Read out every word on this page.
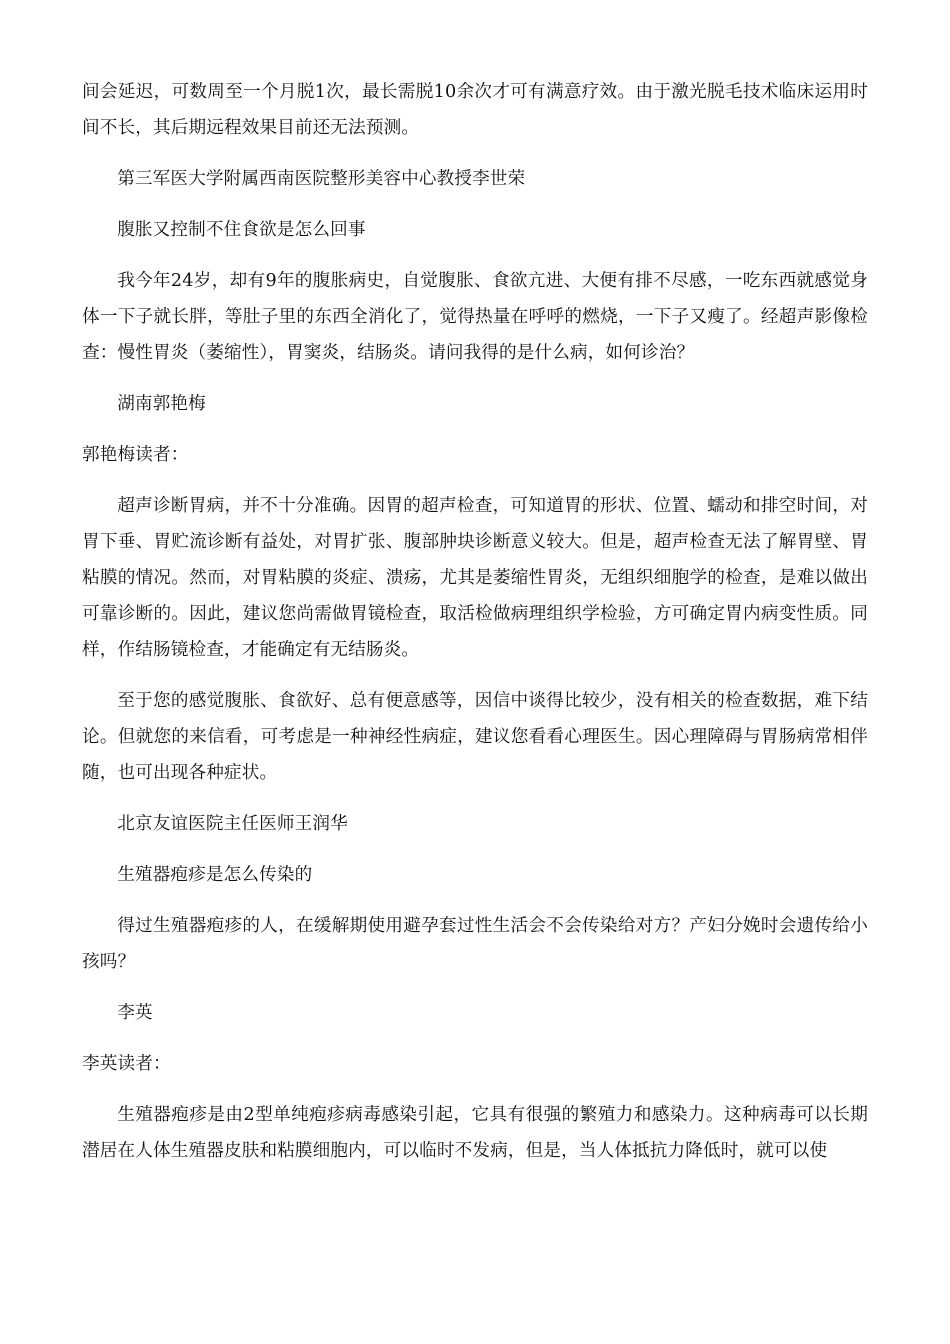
间会延迟，可数周至一个月脱1次，最长需脱10余次才可有满意疗效。由于激光脱毛技术临床运用时间不长，其后期远程效果目前还无法预测。

第三军医大学附属西南医院整形美容中心教授李世荣

腹胀又控制不住食欲是怎么回事

我今年24岁，却有9年的腹胀病史，自觉腹胀、食欲亢进、大便有排不尽感，一吃东西就感觉身体一下子就长胖，等肚子里的东西全消化了，觉得热量在呼呼的燃烧，一下子又瘦了。经超声影像检查：慢性胃炎（萎缩性），胃窦炎，结肠炎。请问我得的是什么病，如何诊治？

湖南郭艳梅

郭艳梅读者：

超声诊断胃病，并不十分准确。因胃的超声检查，可知道胃的形状、位置、蠕动和排空时间，对胃下垂、胃贮流诊断有益处，对胃扩张、腹部肿块诊断意义较大。但是，超声检查无法了解胃壁、胃粘膜的情况。然而，对胃粘膜的炎症、溃疡，尤其是萎缩性胃炎，无组织细胞学的检查，是难以做出可靠诊断的。因此，建议您尚需做胃镜检查，取活检做病理组织学检验，方可确定胃内病变性质。同样，作结肠镜检查，才能确定有无结肠炎。

至于您的感觉腹胀、食欲好、总有便意感等，因信中谈得比较少，没有相关的检查数据，难下结论。但就您的来信看，可考虑是一种神经性病症，建议您看看心理医生。因心理障碍与胃肠病常相伴随，也可出现各种症状。

北京友谊医院主任医师王润华

生殖器疱疹是怎么传染的

得过生殖器疱疹的人，在缓解期使用避孕套过性生活会不会传染给对方？产妇分娩时会遗传给小孩吗？

李英

李英读者：

生殖器疱疹是由2型单纯疱疹病毒感染引起，它具有很强的繁殖力和感染力。这种病毒可以长期潜居在人体生殖器皮肤和粘膜细胞内，可以临时不发病，但是，当人体抵抗力降低时，就可以使
